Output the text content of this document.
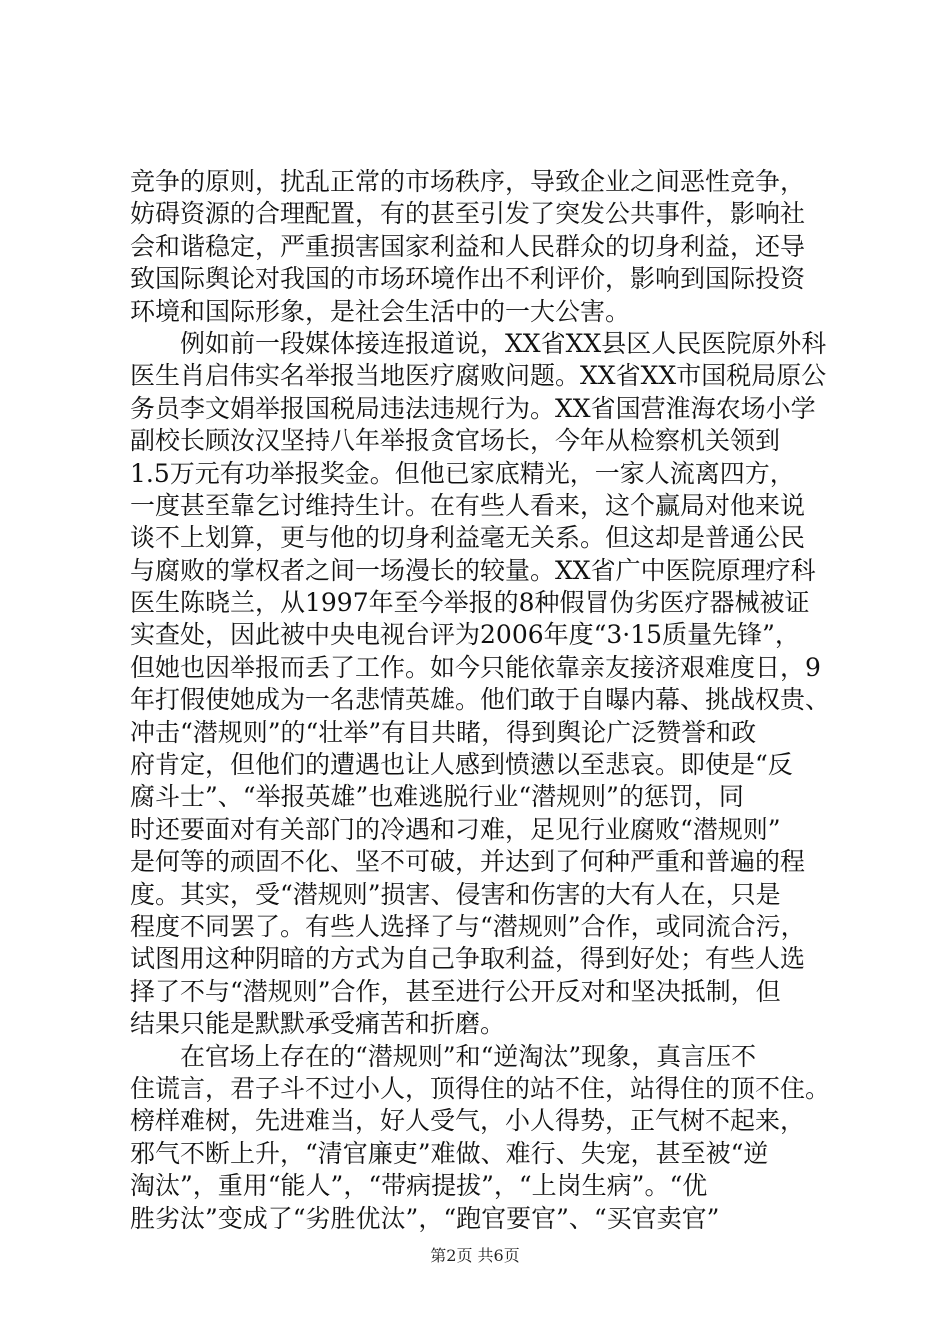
竞争的原则，扰乱正常的市场秩序，导致企业之间恶性竞争，
妨碍资源的合理配置，有的甚至引发了突发公共事件，影响社
会和谐稳定，严重损害国家利益和人民群众的切身利益，还导
致国际舆论对我国的市场环境作出不利评价，影响到国际投资
环境和国际形象，是社会生活中的一大公害。
　　例如前一段媒体接连报道说，XX省XX县区人民医院原外科
医生肖启伟实名举报当地医疗腐败问题。XX省XX市国税局原公
务员李文娟举报国税局违法违规行为。XX省国营淮海农场小学
副校长顾汝汉坚持八年举报贪官场长，今年从检察机关领到
1.5万元有功举报奖金。但他已家底精光，一家人流离四方，
一度甚至靠乞讨维持生计。在有些人看来，这个赢局对他来说
谈不上划算，更与他的切身利益毫无关系。但这却是普通公民
与腐败的掌权者之间一场漫长的较量。XX省广中医院原理疗科
医生陈晓兰，从1997年至今举报的8种假冒伪劣医疗器械被证
实查处，因此被中央电视台评为2006年度“3·15质量先锋”，
但她也因举报而丢了工作。如今只能依靠亲友接济艰难度日，9
年打假使她成为一名悲情英雄。他们敢于自曝内幕、挑战权贵、
冲击“潜规则”的“壮举”有目共睹，得到舆论广泛赞誉和政
府肯定，但他们的遭遇也让人感到愤懑以至悲哀。即使是“反
腐斗士”、“举报英雄”也难逃脱行业“潜规则”的惩罚，同
时还要面对有关部门的冷遇和刁难，足见行业腐败“潜规则”
是何等的顽固不化、坚不可破，并达到了何种严重和普遍的程
度。其实，受“潜规则”损害、侵害和伤害的大有人在，只是
程度不同罢了。有些人选择了与“潜规则”合作，或同流合污，
试图用这种阴暗的方式为自己争取利益，得到好处；有些人选
择了不与“潜规则”合作，甚至进行公开反对和坚决抵制，但
结果只能是默默承受痛苦和折磨。
　　在官场上存在的“潜规则”和“逆淘汰”现象，真言压不
住谎言，君子斗不过小人，顶得住的站不住，站得住的顶不住。
榜样难树，先进难当，好人受气，小人得势，正气树不起来，
邪气不断上升，“清官廉吏”难做、难行、失宠，甚至被“逆
淘汰”，重用“能人”，“带病提拔”，“上岗生病”。“优
胜劣汰”变成了“劣胜优汰”，“跑官要官”、“买官卖官”
第2页 共6页
